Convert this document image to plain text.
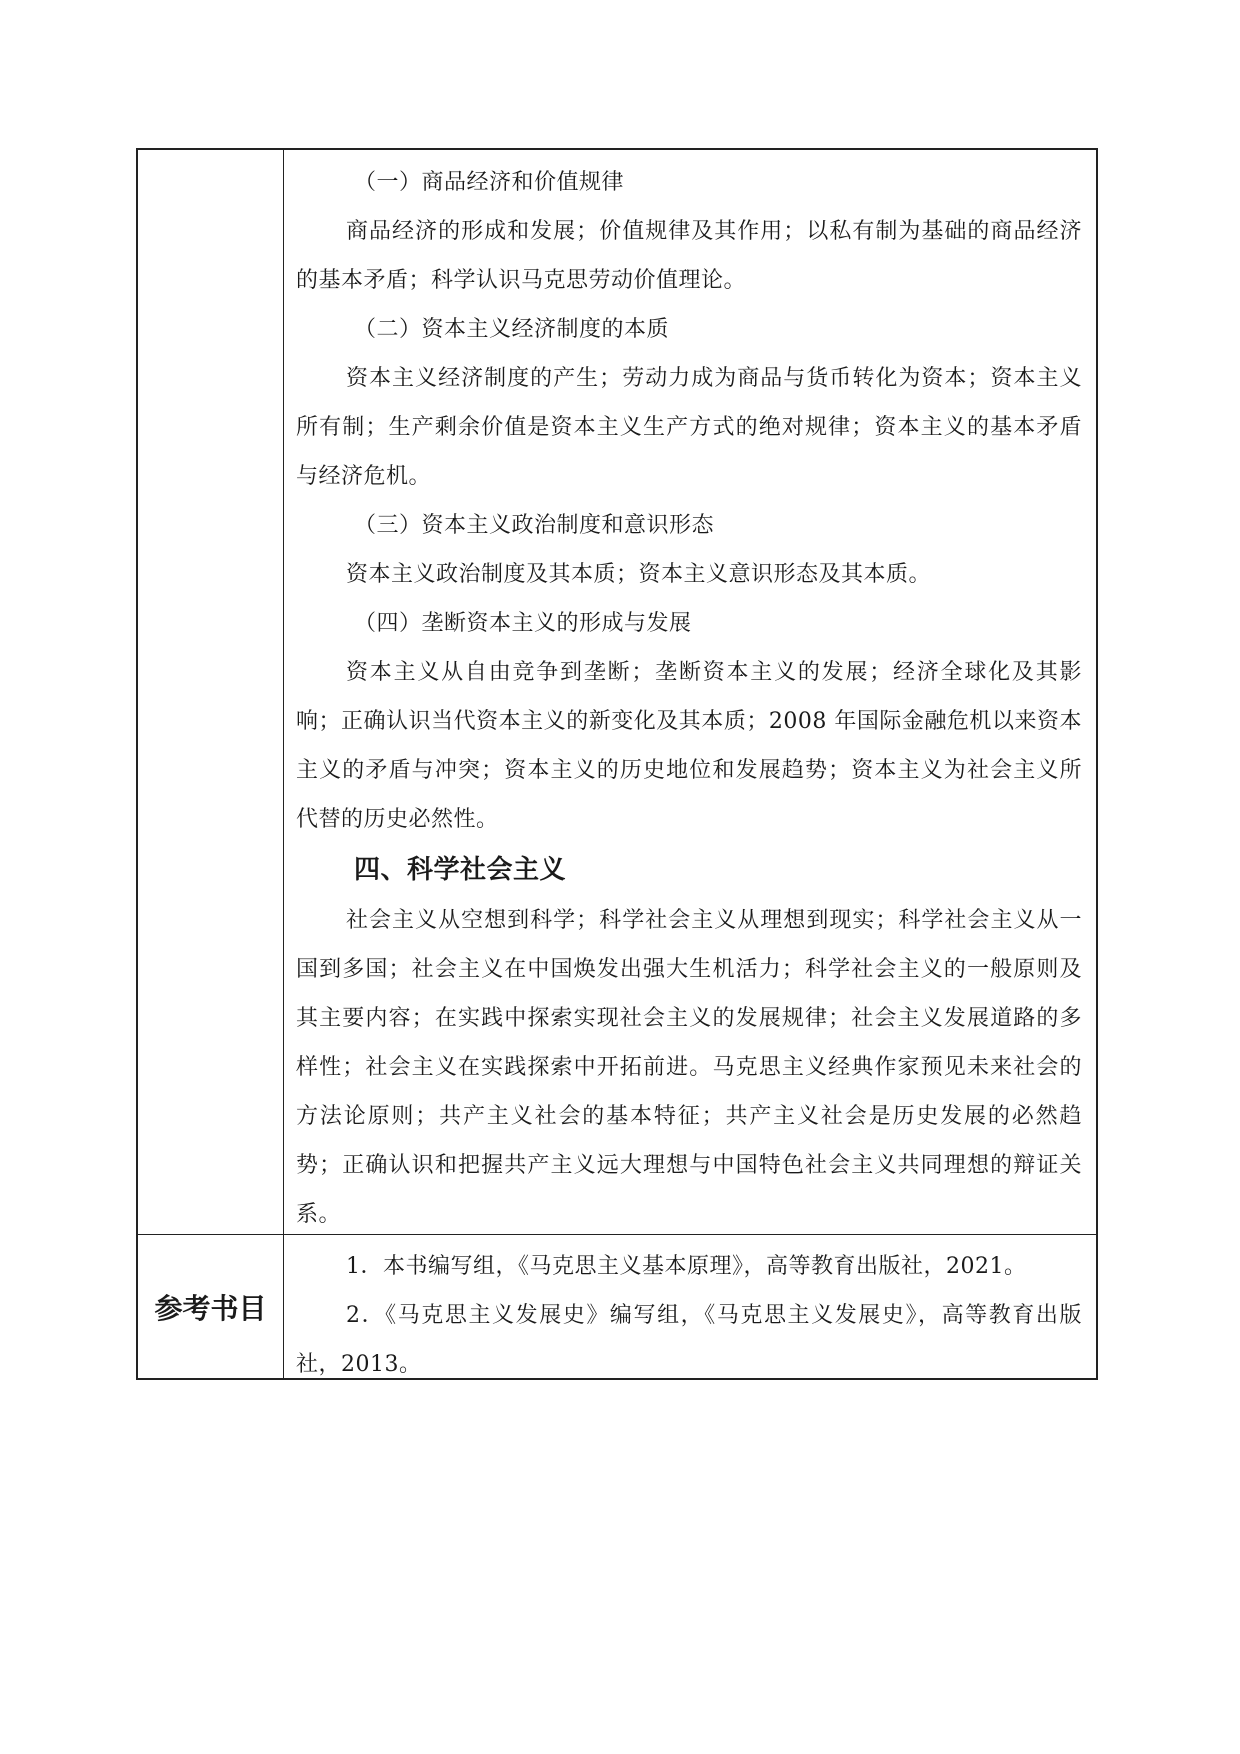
（一）商品经济和价值规律
商品经济的形成和发展；价值规律及其作用；以私有制为基础的商品经济的基本矛盾；科学认识马克思劳动价值理论。
（二）资本主义经济制度的本质
资本主义经济制度的产生；劳动力成为商品与货币转化为资本；资本主义所有制；生产剩余价值是资本主义生产方式的绝对规律；资本主义的基本矛盾与经济危机。
（三）资本主义政治制度和意识形态
资本主义政治制度及其本质；资本主义意识形态及其本质。
（四）垄断资本主义的形成与发展
资本主义从自由竞争到垄断；垄断资本主义的发展；经济全球化及其影响；正确认识当代资本主义的新变化及其本质；2008 年国际金融危机以来资本主义的矛盾与冲突；资本主义的历史地位和发展趋势；资本主义为社会主义所代替的历史必然性。
四、科学社会主义
社会主义从空想到科学；科学社会主义从理想到现实；科学社会主义从一国到多国；社会主义在中国焕发出强大生机活力；科学社会主义的一般原则及其主要内容；在实践中探索实现社会主义的发展规律；社会主义发展道路的多样性；社会主义在实践探索中开拓前进。马克思主义经典作家预见未来社会的方法论原则；共产主义社会的基本特征；共产主义社会是历史发展的必然趋势；正确认识和把握共产主义远大理想与中国特色社会主义共同理想的辩证关系。
1．本书编写组，《马克思主义基本原理》，高等教育出版社，2021。
2．《马克思主义发展史》编写组，《马克思主义发展史》，高等教育出版社，2013。
参考书目
